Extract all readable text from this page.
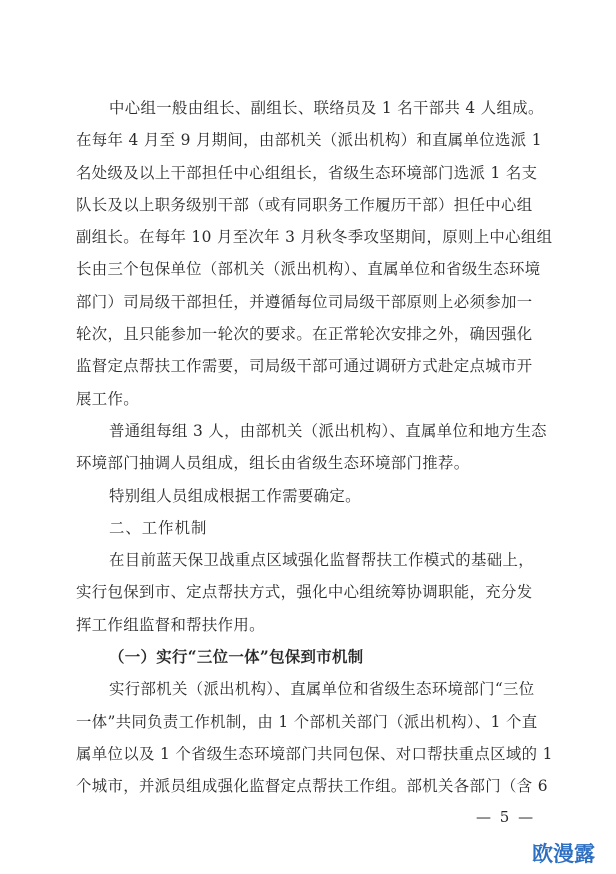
中心组一般由组长、副组长、联络员及 1 名干部共 4 人组成。
在每年 4 月至 9 月期间，由部机关（派出机构）和直属单位选派 1
名处级及以上干部担任中心组组长，省级生态环境部门选派 1 名支
队长及以上职务级别干部（或有同职务工作履历干部）担任中心组
副组长。在每年 10 月至次年 3 月秋冬季攻坚期间，原则上中心组组
长由三个包保单位（部机关（派出机构）、直属单位和省级生态环境
部门）司局级干部担任，并遵循每位司局级干部原则上必须参加一
轮次，且只能参加一轮次的要求。在正常轮次安排之外，确因强化
监督定点帮扶工作需要，司局级干部可通过调研方式赴定点城市开
展工作。

普通组每组 3 人，由部机关（派出机构）、直属单位和地方生态
环境部门抽调人员组成，组长由省级生态环境部门推荐。

特别组人员组成根据工作需要确定。

二、工作机制

在目前蓝天保卫战重点区域强化监督帮扶工作模式的基础上，
实行包保到市、定点帮扶方式，强化中心组统筹协调职能，充分发
挥工作组监督和帮扶作用。

（一）实行“三位一体”包保到市机制

实行部机关（派出机构）、直属单位和省级生态环境部门“三位
一体”共同负责工作机制，由 1 个部机关部门（派出机构）、1 个直
属单位以及 1 个省级生态环境部门共同包保、对口帮扶重点区域的 1
个城市，并派员组成强化监督定点帮扶工作组。部机关各部门（含 6

— 5 —
欧漫露
